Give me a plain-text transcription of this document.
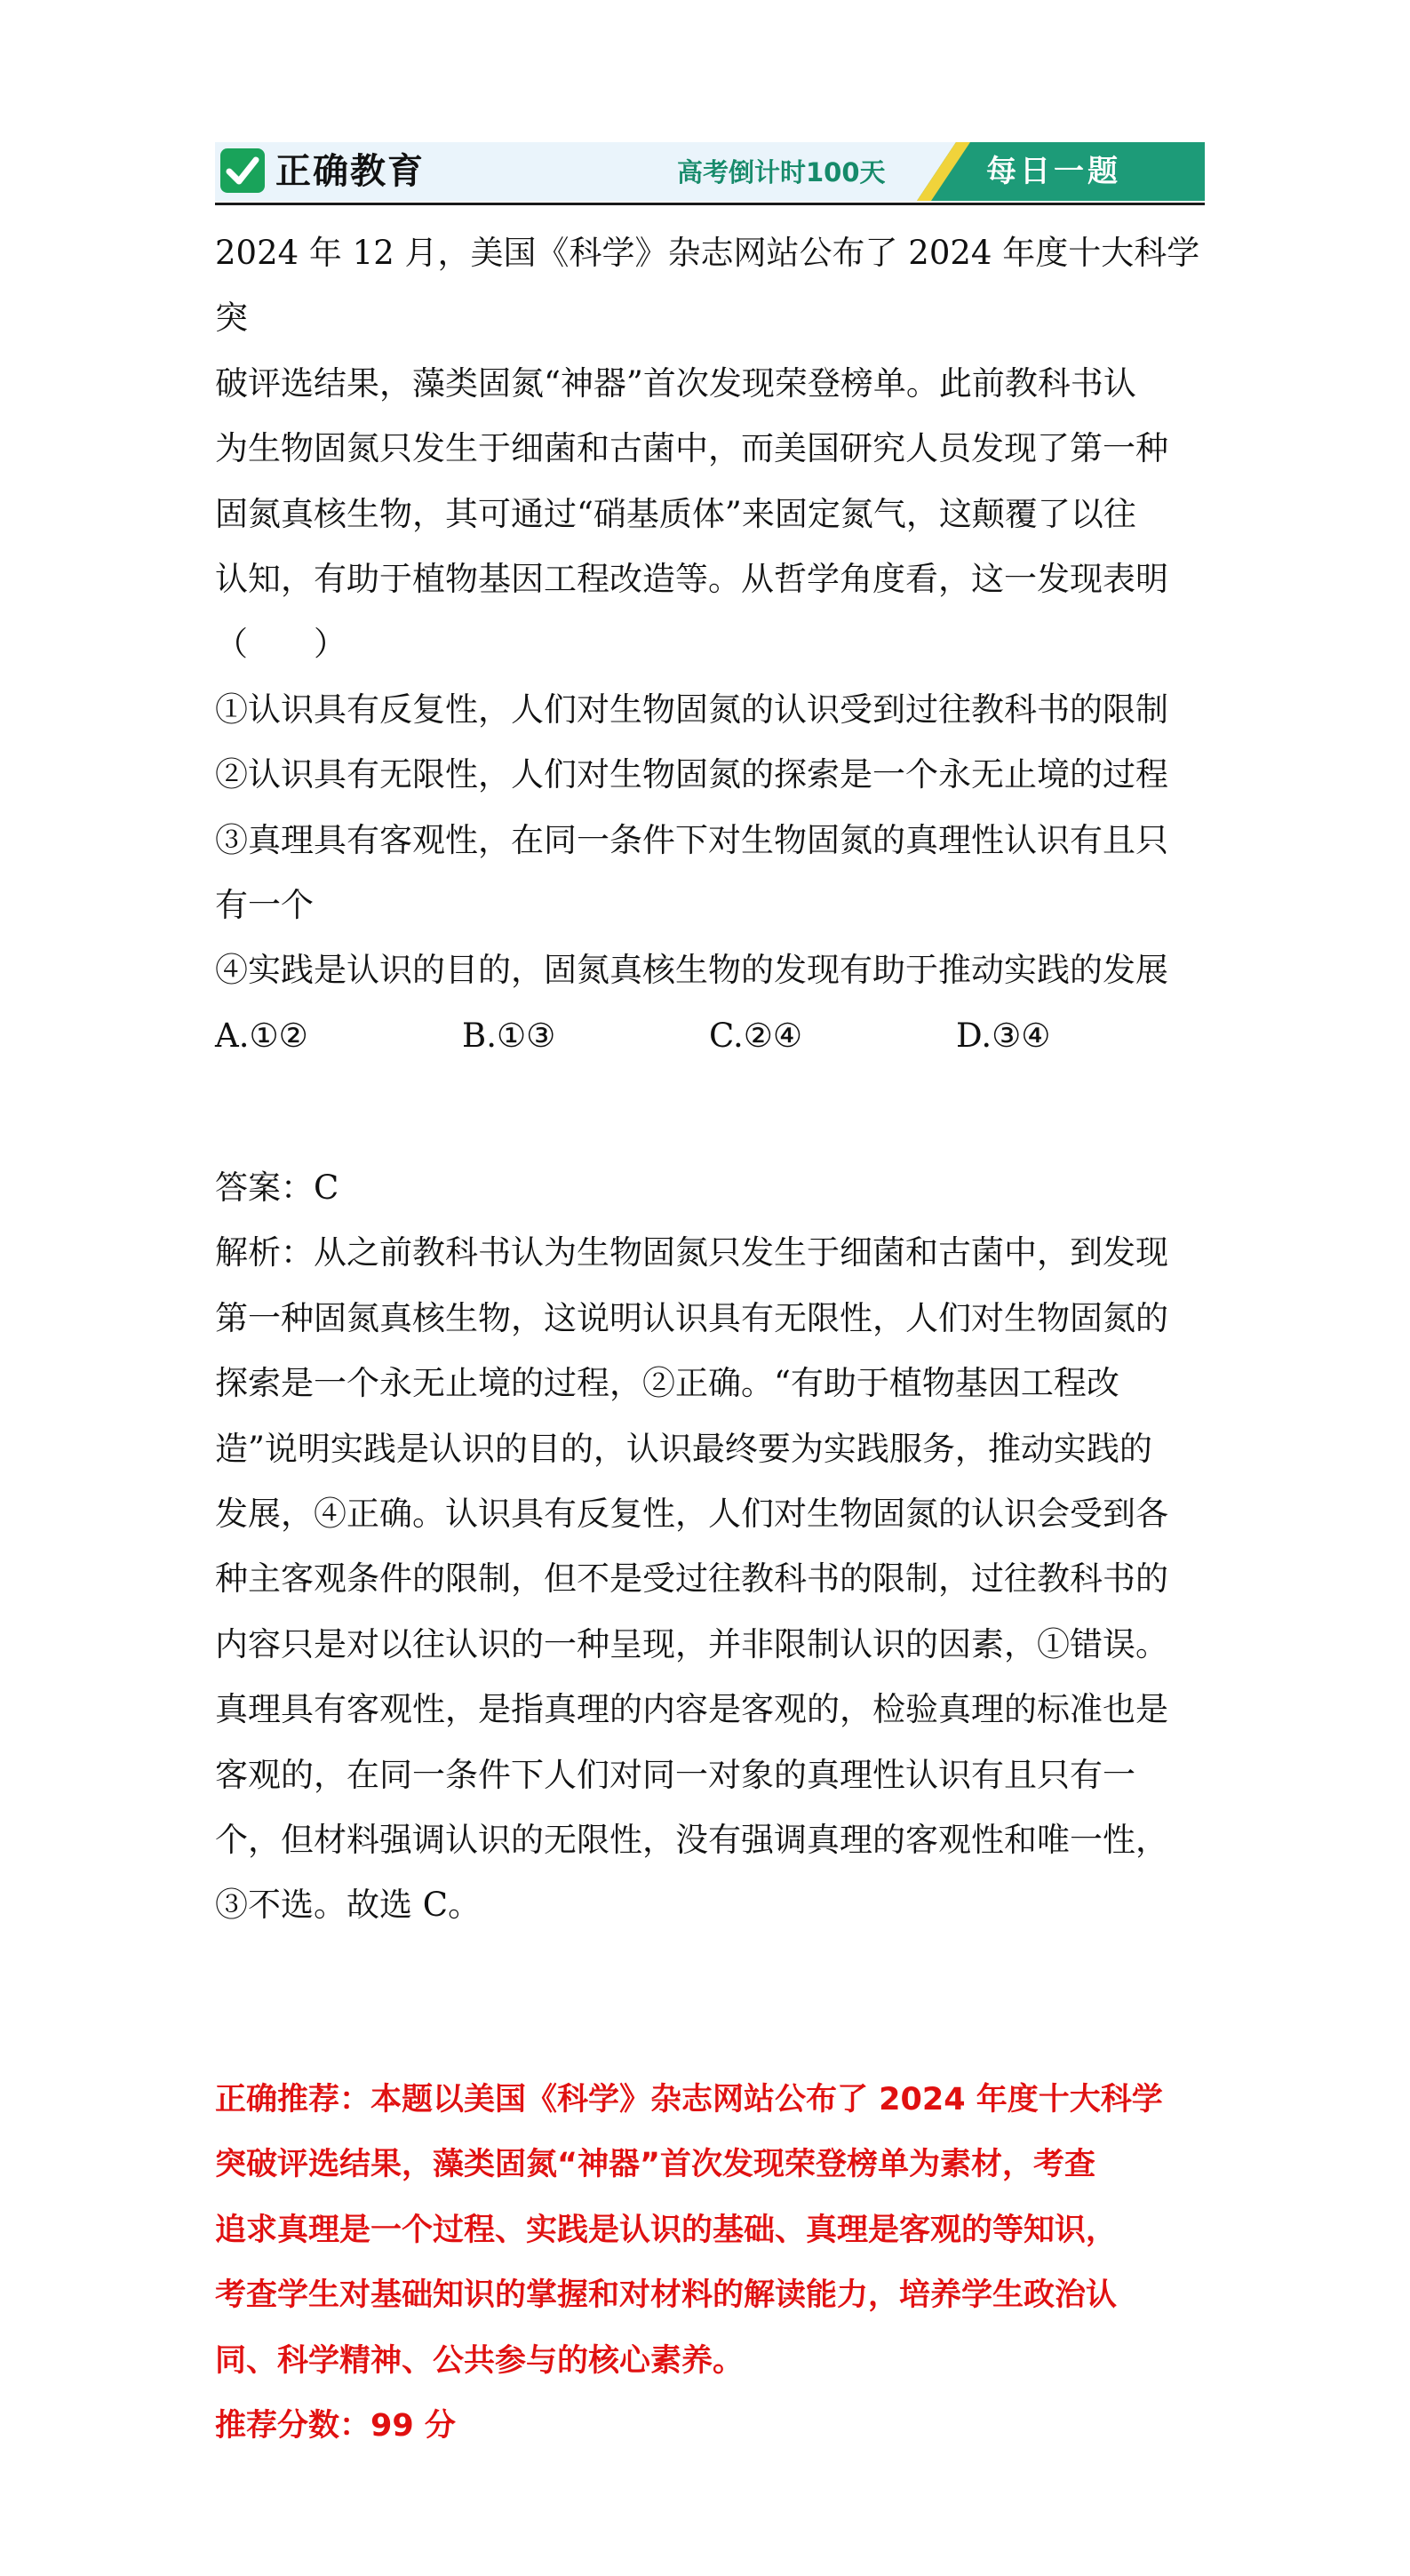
正确教育	高考倒计时100天	每日一题

2024 年 12 月，美国《科学》杂志网站公布了 2024 年度十大科学突

破评选结果，藻类固氮“神器”首次发现荣登榜单。此前教科书认

为生物固氮只发生于细菌和古菌中，而美国研究人员发现了第一种

固氮真核生物，其可通过“硝基质体”来固定氮气，这颠覆了以往

认知，有助于植物基因工程改造等。从哲学角度看，这一发现表明

（　　）

①认识具有反复性，人们对生物固氮的认识受到过往教科书的限制

②认识具有无限性，人们对生物固氮的探索是一个永无止境的过程

③真理具有客观性，在同一条件下对生物固氮的真理性认识有且只

有一个

④实践是认识的目的，固氮真核生物的发现有助于推动实践的发展

A.①②	B.①③	C.②④	D.③④

答案：C

解析：从之前教科书认为生物固氮只发生于细菌和古菌中，到发现

第一种固氮真核生物，这说明认识具有无限性，人们对生物固氮的

探索是一个永无止境的过程，②正确。“有助于植物基因工程改

造”说明实践是认识的目的，认识最终要为实践服务，推动实践的

发展，④正确。认识具有反复性，人们对生物固氮的认识会受到各

种主客观条件的限制，但不是受过往教科书的限制，过往教科书的

内容只是对以往认识的一种呈现，并非限制认识的因素，①错误。

真理具有客观性，是指真理的内容是客观的，检验真理的标准也是

客观的，在同一条件下人们对同一对象的真理性认识有且只有一

个，但材料强调认识的无限性，没有强调真理的客观性和唯一性，

③不选。故选 C。

正确推荐：本题以美国《科学》杂志网站公布了 2024 年度十大科学

突破评选结果，藻类固氮“神器”首次发现荣登榜单为素材，考查

追求真理是一个过程、实践是认识的基础、真理是客观的等知识，

考查学生对基础知识的掌握和对材料的解读能力，培养学生政治认

同、科学精神、公共参与的核心素养。

推荐分数：99 分
